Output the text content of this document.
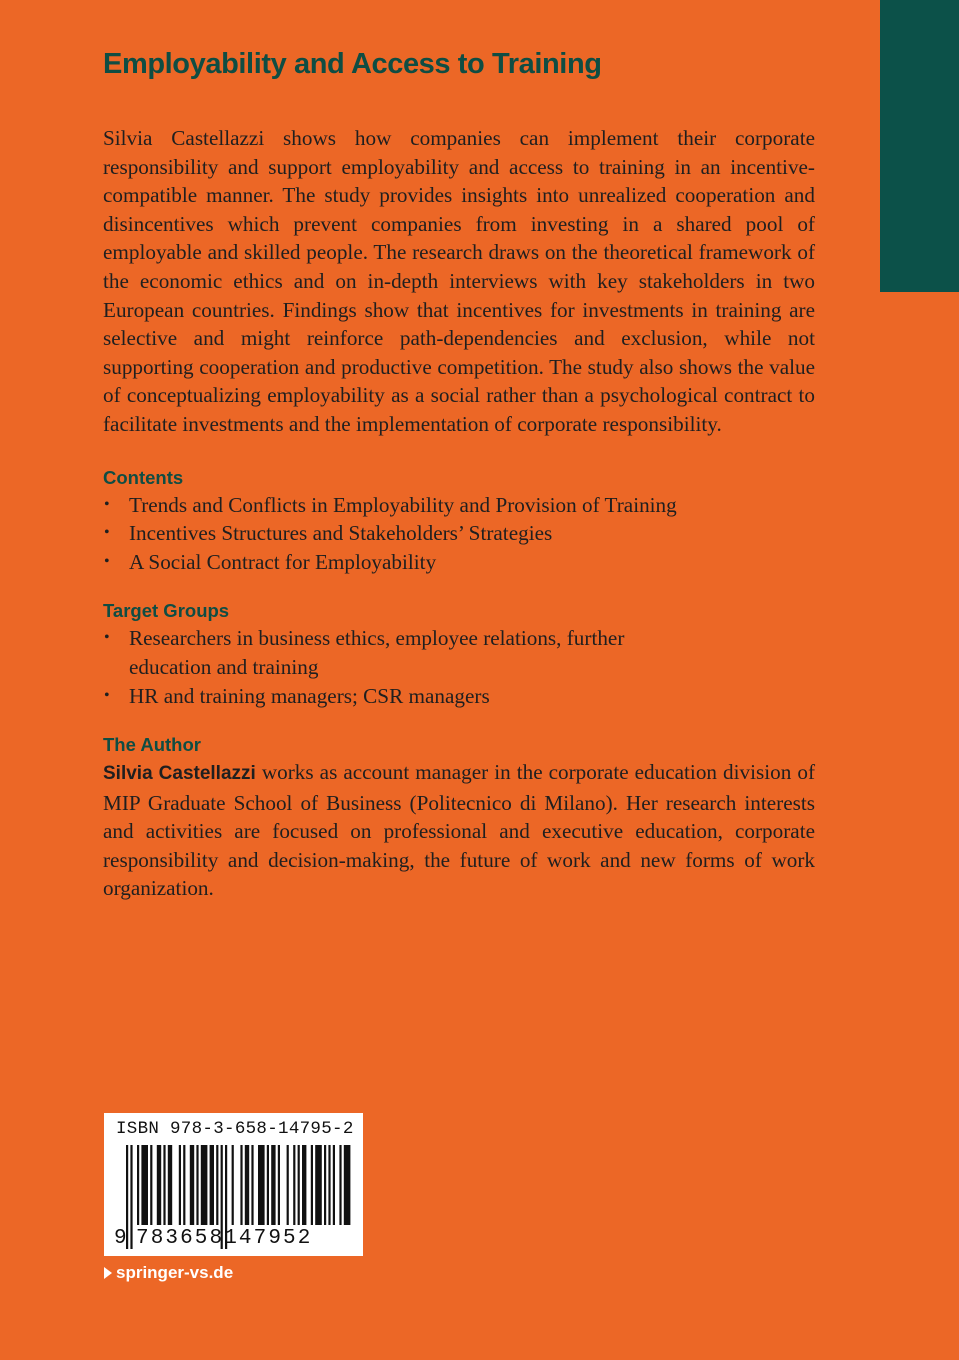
Employability and Access to Training

Silvia Castellazzi shows how companies can implement their corporate responsibility and support employability and access to training in an incentive-compatible manner. The study provides insights into unrealized cooperation and disincentives which prevent companies from investing in a shared pool of employable and skilled people. The research draws on the theoretical framework of the economic ethics and on in-depth interviews with key stakeholders in two European countries. Findings show that incentives for investments in training are selective and might reinforce path-dependencies and exclusion, while not supporting cooperation and productive competition. The study also shows the value of conceptualizing employability as a social rather than a psychological contract to facilitate investments and the implementation of corporate responsibility.

Contents
• Trends and Conflicts in Employability and Provision of Training
• Incentives Structures and Stakeholders’ Strategies
• A Social Contract for Employability
Target Groups
• Researchers in business ethics, employee relations, further education and training
• HR and training managers; CSR managers
The Author

Silvia Castellazzi works as account manager in the corporate education division of MIP Graduate School of Business (Politecnico di Milano). Her research interests and activities are focused on professional and executive education, corporate responsibility and decision-making, the future of work and new forms of work organization.

ISBN 978-3-658-14795-2
9 783658147952
springer-vs.de
